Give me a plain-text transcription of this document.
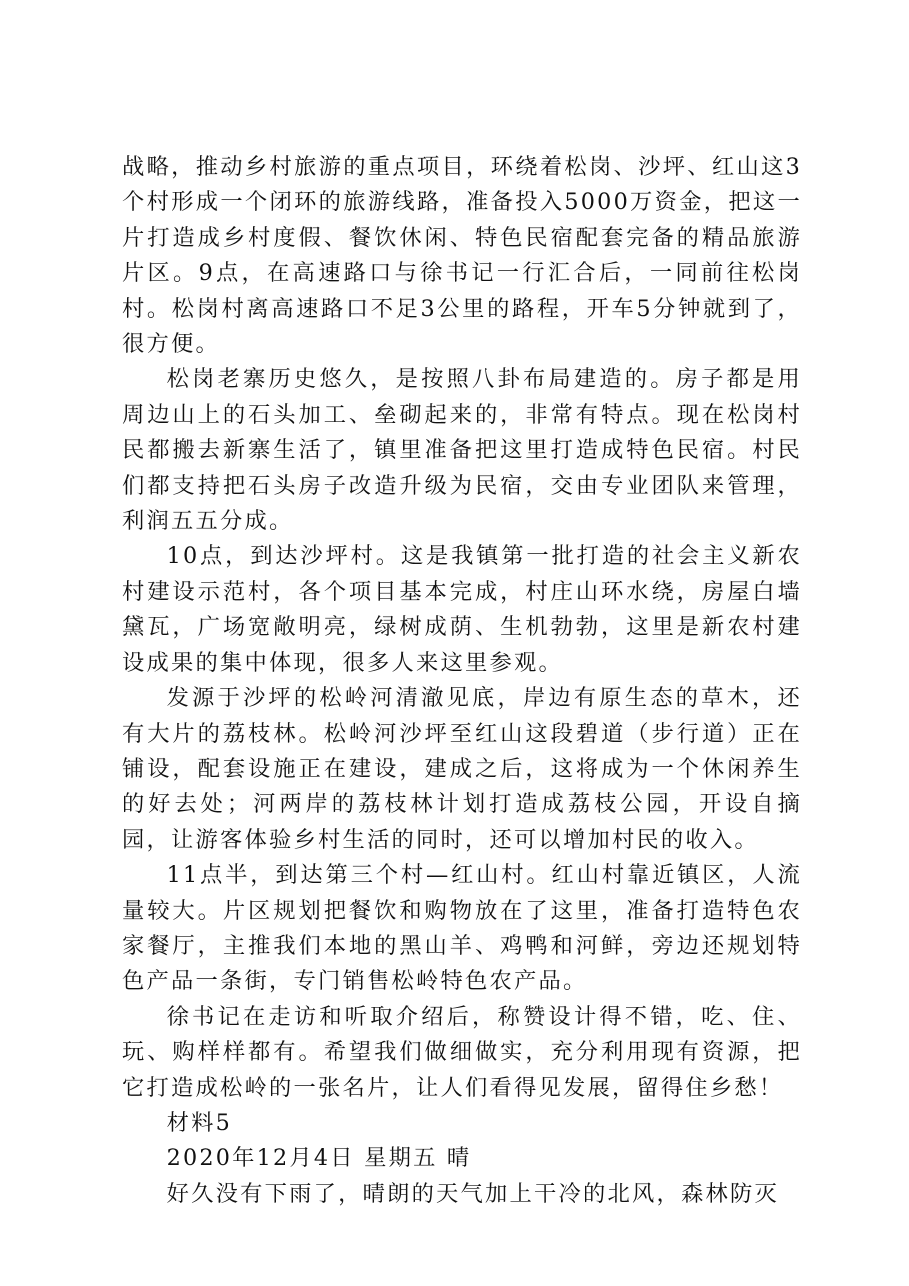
战略，推动乡村旅游的重点项目，环绕着松岗、沙坪、红山这3个村形成一个闭环的旅游线路，准备投入5000万资金，把这一片打造成乡村度假、餐饮休闲、特色民宿配套完备的精品旅游片区。9点，在高速路口与徐书记一行汇合后，一同前往松岗村。松岗村离高速路口不足3公里的路程，开车5分钟就到了，很方便。

松岗老寨历史悠久，是按照八卦布局建造的。房子都是用周边山上的石头加工、垒砌起来的，非常有特点。现在松岗村民都搬去新寨生活了，镇里准备把这里打造成特色民宿。村民们都支持把石头房子改造升级为民宿，交由专业团队来管理，利润五五分成。

10点，到达沙坪村。这是我镇第一批打造的社会主义新农村建设示范村，各个项目基本完成，村庄山环水绕，房屋白墙黛瓦，广场宽敞明亮，绿树成荫、生机勃勃，这里是新农村建设成果的集中体现，很多人来这里参观。

发源于沙坪的松岭河清澈见底，岸边有原生态的草木，还有大片的荔枝林。松岭河沙坪至红山这段碧道（步行道）正在铺设，配套设施正在建设，建成之后，这将成为一个休闲养生的好去处；河两岸的荔枝林计划打造成荔枝公园，开设自摘园，让游客体验乡村生活的同时，还可以增加村民的收入。

11点半，到达第三个村—红山村。红山村靠近镇区，人流量较大。片区规划把餐饮和购物放在了这里，准备打造特色农家餐厅，主推我们本地的黑山羊、鸡鸭和河鲜，旁边还规划特色产品一条街，专门销售松岭特色农产品。

徐书记在走访和听取介绍后，称赞设计得不错，吃、住、玩、购样样都有。希望我们做细做实，充分利用现有资源，把它打造成松岭的一张名片，让人们看得见发展，留得住乡愁！

材料5

2020年12月4日 星期五 晴

好久没有下雨了，晴朗的天气加上干冷的北风，森林防灭
